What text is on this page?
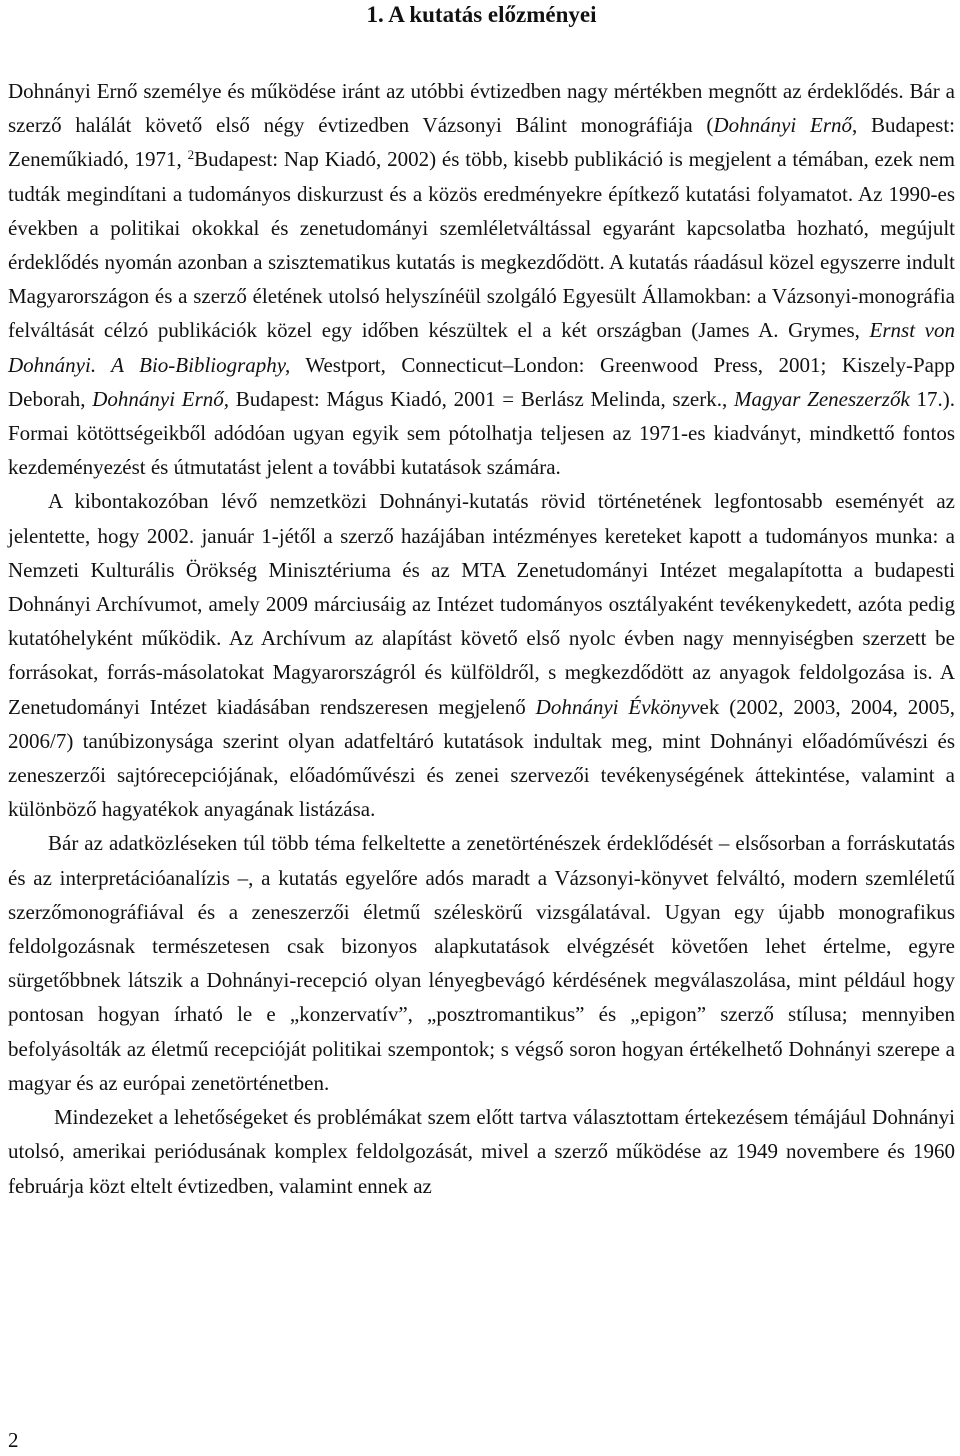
1. A kutatás előzményei

Dohnányi Ernő személye és működése iránt az utóbbi évtizedben nagy mértékben megnőtt az érdeklődés. Bár a szerző halálát követő első négy évtizedben Vázsonyi Bálint monográfiája (Dohnányi Ernő, Budapest: Zeneműkiadó, 1971, $^2$Budapest: Nap Kiadó, 2002) és több, kisebb publikáció is megjelent a témában, ezek nem tudták megindítani a tudományos diskurzust és a közös eredményekre építkező kutatási folyamatot. Az 1990-es években a politikai okokkal és zenetudományi szemléletváltással egyaránt kapcsolatba hozható, megújult érdeklődés nyomán azonban a szisztematikus kutatás is megkezdődött. A kutatás ráadásul közel egyszerre indult Magyarországon és a szerző életének utolsó helyszínéül szolgáló Egyesült Államokban: a Vázsonyi-monográfia felváltását célzó publikációk közel egy időben készültek el a két országban (James A. Grymes, Ernst von Dohnányi. A Bio-Bibliography, Westport, Connecticut–London: Greenwood Press, 2001; Kiszely-Papp Deborah, Dohnányi Ernő, Budapest: Mágus Kiadó, 2001 = Berlász Melinda, szerk., Magyar Zeneszerzők 17.). Formai kötöttségeikből adódóan ugyan egyik sem pótolhatja teljesen az 1971-es kiadványt, mindkettő fontos kezdeményezést és útmutatást jelent a további kutatások számára.

A kibontakozóban lévő nemzetközi Dohnányi-kutatás rövid történetének legfontosabb eseményét az jelentette, hogy 2002. január 1-jétől a szerző hazájában intézményes kereteket kapott a tudományos munka: a Nemzeti Kulturális Örökség Minisztériuma és az MTA Zenetudományi Intézet megalapította a budapesti Dohnányi Archívumot, amely 2009 márciusáig az Intézet tudományos osztályaként tevékenykedett, azóta pedig kutatóhelyként működik. Az Archívum az alapítást követő első nyolc évben nagy mennyiségben szerzett be forrásokat, forrás-másolatokat Magyarországról és külföldről, s megkezdődött az anyagok feldolgozása is. A Zenetudományi Intézet kiadásában rendszeresen megjelenő Dohnányi Évkönyvek (2002, 2003, 2004, 2005, 2006/7) tanúbizonysága szerint olyan adatfeltáró kutatások indultak meg, mint Dohnányi előadóművészi és zeneszerzői sajtórecepciójának, előadóművészi és zenei szervezői tevékenységének áttekintése, valamint a különböző hagyatékok anyagának listázása.

Bár az adatközléseken túl több téma felkeltette a zenetörténészek érdeklődését – elsősorban a forráskutatás és az interpretációanalízis –, a kutatás egyelőre adós maradt a Vázsonyi-könyvet felváltó, modern szemléletű szerzőmonográfiával és a zeneszerzői életmű széleskörű vizsgálatával. Ugyan egy újabb monografikus feldolgozásnak természetesen csak bizonyos alapkutatások elvégzését követően lehet értelme, egyre sürgetőbbnek látszik a Dohnányi-recepció olyan lényegbevágó kérdésének megválaszolása, mint például hogy pontosan hogyan írható le e „konzervatív”, „posztromantikus” és „epigon” szerző stílusa; mennyiben befolyásolták az életmű recepcióját politikai szempontok; s végső soron hogyan értékelhető Dohnányi szerepe a magyar és az európai zenetörténetben.

Mindezeket a lehetőségeket és problémákat szem előtt tartva választottam értekezésem témájául Dohnányi utolsó, amerikai periódusának komplex feldolgozását, mivel a szerző működése az 1949 novembere és 1960 februárja közt eltelt évtizedben, valamint ennek az

2
